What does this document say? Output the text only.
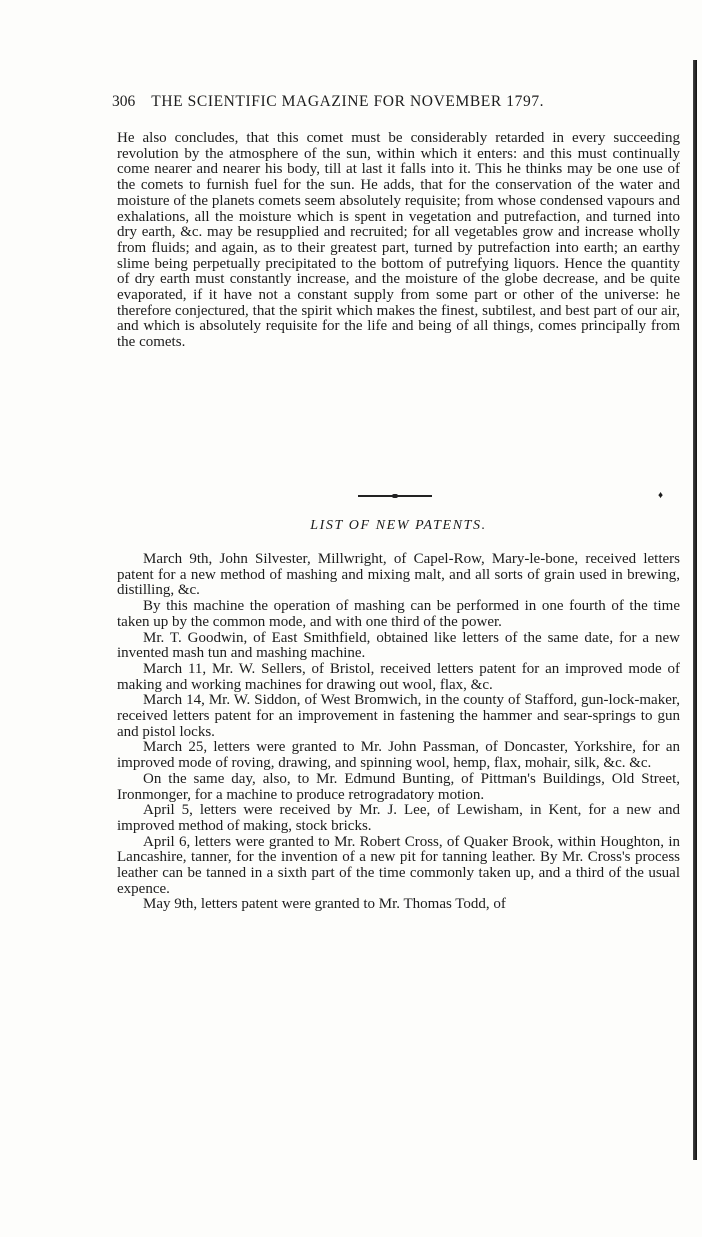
306 THE SCIENTIFIC MAGAZINE FOR NOVEMBER 1797.

He also concludes, that this comet must be considerably retarded in every succeeding revolution by the atmosphere of the sun, within which it enters: and this must continually come nearer and nearer his body, till at last it falls into it. This he thinks may be one use of the comets to furnish fuel for the sun. He adds, that for the conservation of the water and moisture of the planets comets seem absolutely requisite; from whose condensed vapours and exhalations, all the moisture which is spent in vegetation and putrefaction, and turned into dry earth, &c. may be resupplied and recruited; for all vegetables grow and increase wholly from fluids; and again, as to their greatest part, turned by putrefaction into earth; an earthy slime being perpetually precipitated to the bottom of putrefying liquors. Hence the quantity of dry earth must constantly increase, and the moisture of the globe decrease, and be quite evaporated, if it have not a constant supply from some part or other of the universe: he therefore conjectured, that the spirit which makes the finest, subtilest, and best part of our air, and which is absolutely requisite for the life and being of all things, comes principally from the comets.

♦
LIST OF NEW PATENTS.

March 9th, John Silvester, Millwright, of Capel-Row, Mary-le-bone, received letters patent for a new method of mashing and mixing malt, and all sorts of grain used in brewing, distilling, &c.

By this machine the operation of mashing can be performed in one fourth of the time taken up by the common mode, and with one third of the power.

Mr. T. Goodwin, of East Smithfield, obtained like letters of the same date, for a new invented mash tun and mashing machine.

March 11, Mr. W. Sellers, of Bristol, received letters patent for an improved mode of making and working machines for drawing out wool, flax, &c.

March 14, Mr. W. Siddon, of West Bromwich, in the county of Stafford, gun-lock-maker, received letters patent for an improvement in fastening the hammer and sear-springs to gun and pistol locks.

March 25, letters were granted to Mr. John Passman, of Doncaster, Yorkshire, for an improved mode of roving, drawing, and spinning wool, hemp, flax, mohair, silk, &c. &c.

On the same day, also, to Mr. Edmund Bunting, of Pittman's Buildings, Old Street, Ironmonger, for a machine to produce retrogradatory motion.

April 5, letters were received by Mr. J. Lee, of Lewisham, in Kent, for a new and improved method of making, stock bricks.

April 6, letters were granted to Mr. Robert Cross, of Quaker Brook, within Houghton, in Lancashire, tanner, for the invention of a new pit for tanning leather. By Mr. Cross's process leather can be tanned in a sixth part of the time commonly taken up, and a third of the usual expence.

May 9th, letters patent were granted to Mr. Thomas Todd, of
